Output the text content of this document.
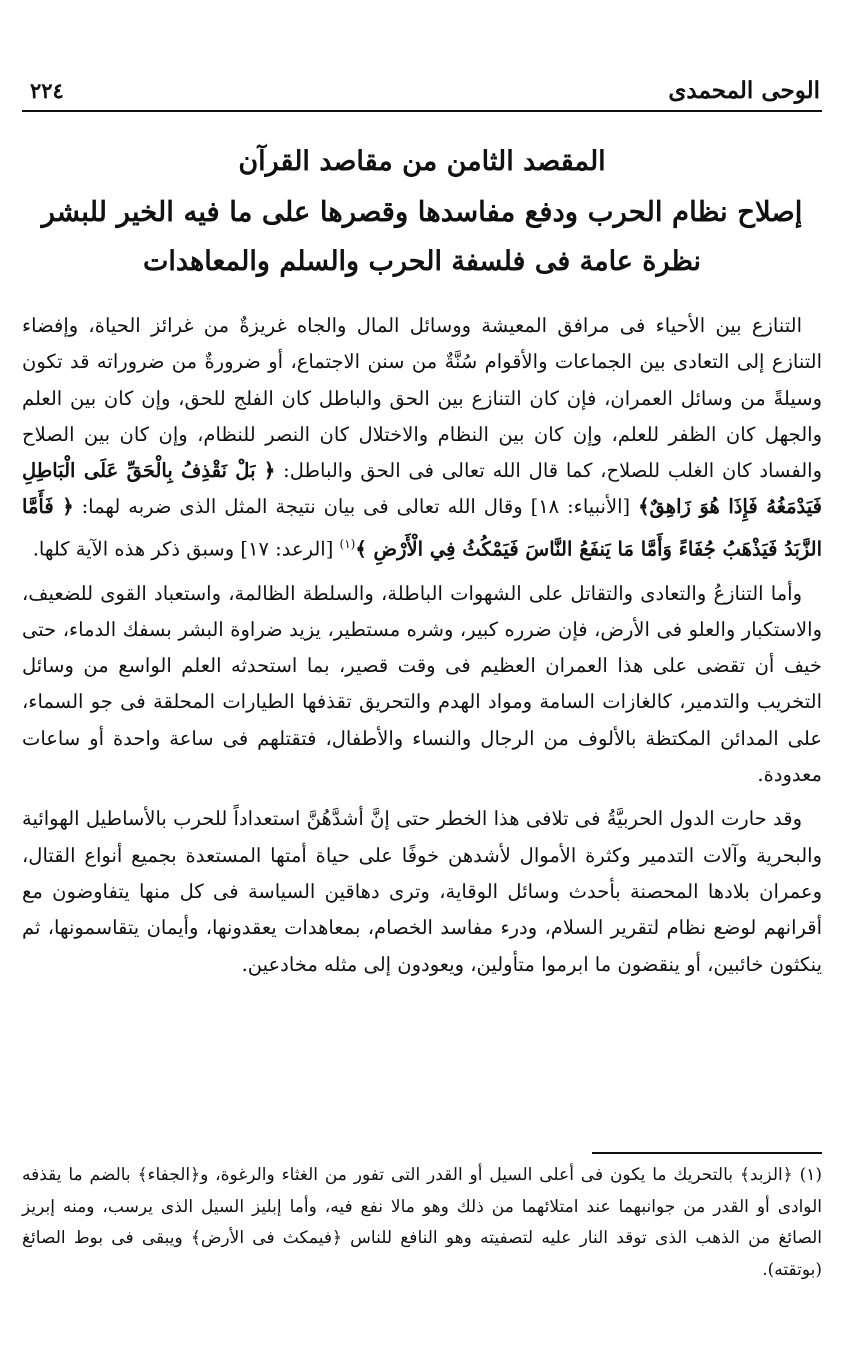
الوحى المحمدى
٢٢٤

المقصد الثامن من مقاصد القرآن

إصلاح نظام الحرب ودفع مفاسدها وقصرها على ما فيه الخير للبشر

نظرة عامة فى فلسفة الحرب والسلم والمعاهدات

التنازع بين الأحياء فى مرافق المعيشة ووسائل المال والجاه غريزةٌ من غرائز الحياة، وإفضاء التنازع إلى التعادى بين الجماعات والأقوام سُنَّةٌ من سنن الاجتماع، أو ضرورةٌ من ضروراته قد تكون وسيلةً من وسائل العمران، فإن كان التنازع بين الحق والباطل كان الفلج للحق، وإن كان بين العلم والجهل كان الظفر للعلم، وإن كان بين النظام والاختلال كان النصر للنظام، وإن كان بين الصلاح والفساد كان الغلب للصلاح، كما قال الله تعالى فى الحق والباطل: ﴿ بَلْ نَقْذِفُ بِالْحَقِّ عَلَى الْبَاطِلِ فَيَدْمَغُهُ فَإِذَا هُوَ زَاهِقٌ﴾ [الأنبياء: ١٨] وقال الله تعالى فى بيان نتيجة المثل الذى ضربه لهما: ﴿ فَأَمَّا الزَّبَدُ فَيَذْهَبُ جُفَاءً وَأَمَّا مَا يَنفَعُ النَّاسَ فَيَمْكُثُ فِي الْأَرْضِ ﴾$^{(١)}$ [الرعد: ١٧] وسبق ذكر هذه الآية كلها.

وأما التنازعُ والتعادى والتقاتل على الشهوات الباطلة، والسلطة الظالمة، واستعباد القوى للضعيف، والاستكبار والعلو فى الأرض، فإن ضرره كبير، وشره مستطير، يزيد ضراوة البشر بسفك الدماء، حتى خيف أن تقضى على هذا العمران العظيم فى وقت قصير، بما استحدثه العلم الواسع من وسائل التخريب والتدمير، كالغازات السامة ومواد الهدم والتحريق تقذفها الطيارات المحلقة فى جو السماء، على المدائن المكتظة بالألوف من الرجال والنساء والأطفال، فتقتلهم فى ساعة واحدة أو ساعات معدودة.

وقد حارت الدول الحربيَّةُ فى تلافى هذا الخطر حتى إنَّ أشدَّهُنَّ استعداداً للحرب بالأساطيل الهوائية والبحرية وآلات التدمير وكثرة الأموال لأشدهن خوفًا على حياة أمتها المستعدة بجميع أنواع القتال، وعمران بلادها المحصنة بأحدث وسائل الوقاية، وترى دهاقين السياسة فى كل منها يتفاوضون مع أقرانهم لوضع نظام لتقرير السلام، ودرء مفاسد الخصام، بمعاهدات يعقدونها، وأيمان يتقاسمونها، ثم ينكثون خائبين، أو ينقضون ما ابرموا متأولين، ويعودون إلى مثله مخادعين.

(١) ﴿الزبد﴾ بالتحريك ما يكون فى أعلى السيل أو القدر التى تفور من الغثاء والرغوة، و﴿الجفاء﴾ بالضم ما يقذفه الوادى أو القدر من جوانبهما عند امتلائهما من ذلك وهو مالا نفع فيه، وأما إبليز السيل الذى يرسب، ومنه إبريز الصائغ من الذهب الذى توقد النار عليه لتصفيته وهو النافع للناس ﴿فيمكث فى الأرض﴾ ويبقى فى بوط الصائغ (بوتقته).
